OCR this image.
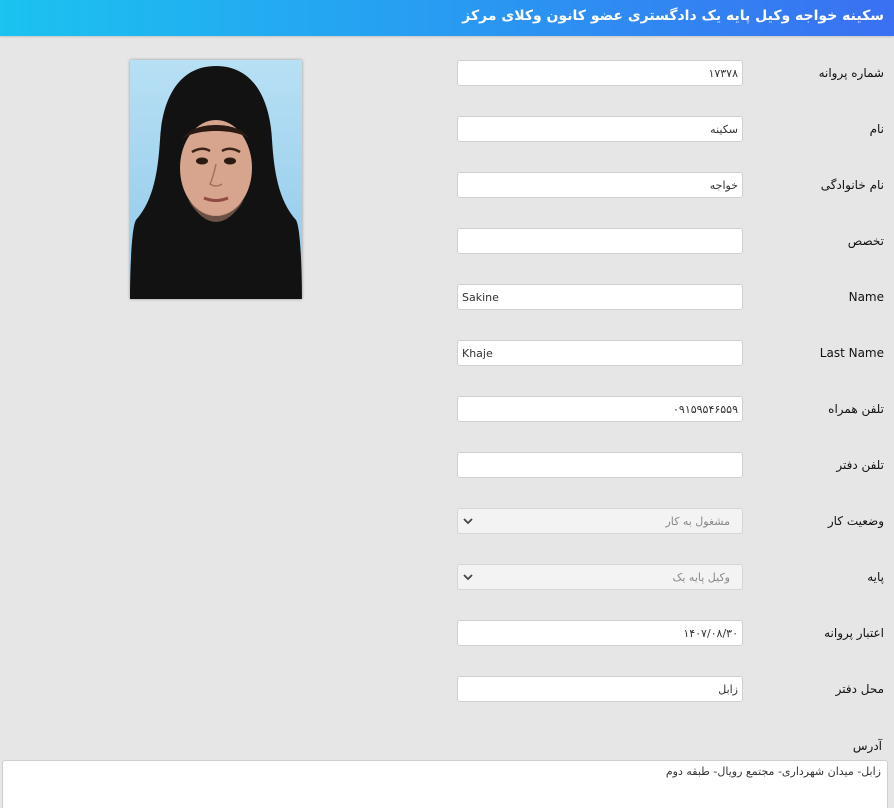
سکینه خواجه وکیل پایه یک دادگستری عضو کانون وکلای مرکز
۱۷۳۷۸
شماره پروانه
سکینه
نام
خواجه
نام خانوادگی
تخصص
Sakine
Name
Khaje
Last Name
۰۹۱۵۹۵۴۶۵۵۹
تلفن همراه
تلفن دفتر
مشغول به کار	وضعیت کار
وکیل پایه یک	پایه
۱۴۰۷/۰۸/۳۰
اعتبار پروانه
زابل
محل دفتر
آدرس
زابل- میدان شهرداری- مجتمع رویال- طبقه دوم
